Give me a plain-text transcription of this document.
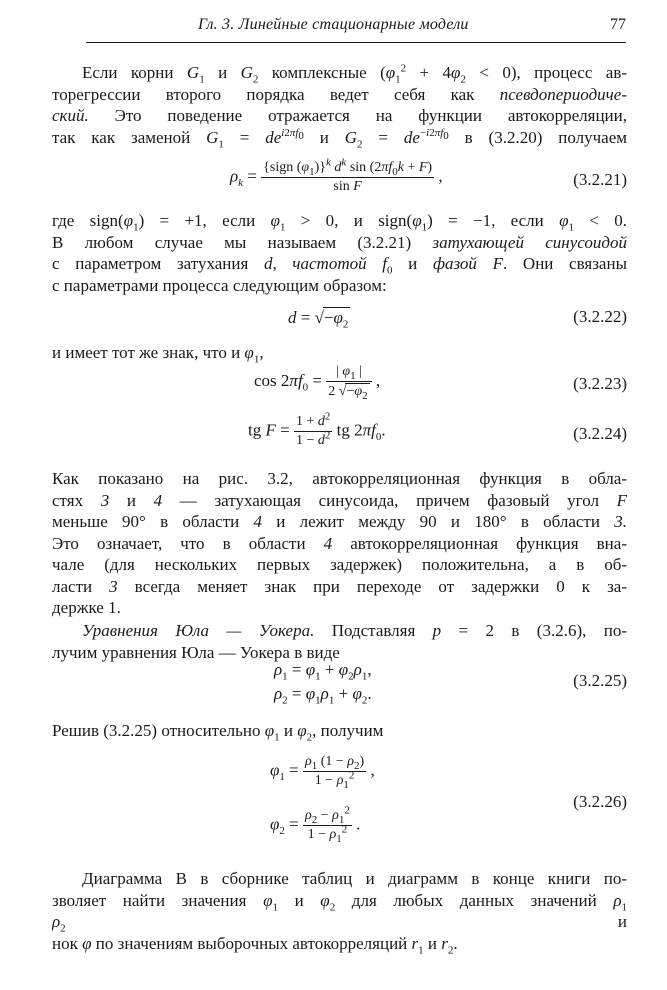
Гл. 3. Линейные стационарные модели	77
Если корни $G_1$ и $G_2$ комплексные $(\varphi_1^2 + 4\varphi_2 < 0)$, процесс ав-
торегрессии второго порядка ведет себя как псевдопериодиче-
ский. Это поведение отражается на функции автокорреляции,
так как заменой $G_1 = de^{i2\pi f_0}$ и $G_2 = de^{-i2\pi f_0}$ в (3.2.20) получаем
$\rho_k = \frac{\{sign (\varphi_1)\}^k d^k \sin (2\pi f_0k + F)}{\text{sin F}}$ ,	(3.2.21)
где $sign(\varphi_1) = +1$, если $\varphi_1 > 0$, и $sign(\varphi_1) = -1$, если $\varphi_1 < 0$.
В любом случае мы называем (3.2.21) затухающей синусоидой
с параметром затухания d, частотой $f_0$ и фазой F. Они связаны
с параметрами процесса следующим образом:
$d = √-\varphi_2$	(3.2.22)
и имеет тот же знак, что и $\varphi_1$,
$\cos 2\pi f_0 = \frac{| \varphi_1 |}{2 √-\varphi_2}$ ,	(3.2.23)
tg $F = \frac{1 + d^2}{1 - d^2}$ tg $2\pi f_0$.	(3.2.24)
Как показано на рис. 3.2, автокорреляционная функция в обла-
стях 3 и 4 — затухающая синусоида, причем фазовый угол F
меньше 90° в области 4 и лежит между 90 и 180° в области 3.
Это означает, что в области 4 автокорреляционная функция вна-
чале (для нескольких первых задержек) положительна, а в об-
ласти 3 всегда меняет знак при переходе от задержки 0 к за-
держке 1.
Уравнения Юла — Уокера. Подставляя p = 2 в (3.2.6), по-
лучим уравнения Юла — Уокера в виде
$\rho_1 = \varphi_1 + \varphi_2\rho_1$,
$\rho_2 = \varphi_1\rho_1 + \varphi_2$.
(3.2.25)
Решив (3.2.25) относительно $\varphi_1$ и $\varphi_2$, получим
$\varphi_1 = \frac{\rho_1 (1 - \rho_2)}{1 - \rho_1^2}$ ,
$\varphi_2 = \frac{\rho_2 - \rho_1^2}{1 - \rho_1^2}$ .
(3.2.26)
Диаграмма В в сборнике таблиц и диаграмм в конце книги по-
зволяет найти значения $\varphi_1$ и $\varphi_2$ для любых данных значений $\rho_1$
$\rho_2$ и
нок φ по значениям выборочных автокорреляций $r_1$ и $r_2$.
